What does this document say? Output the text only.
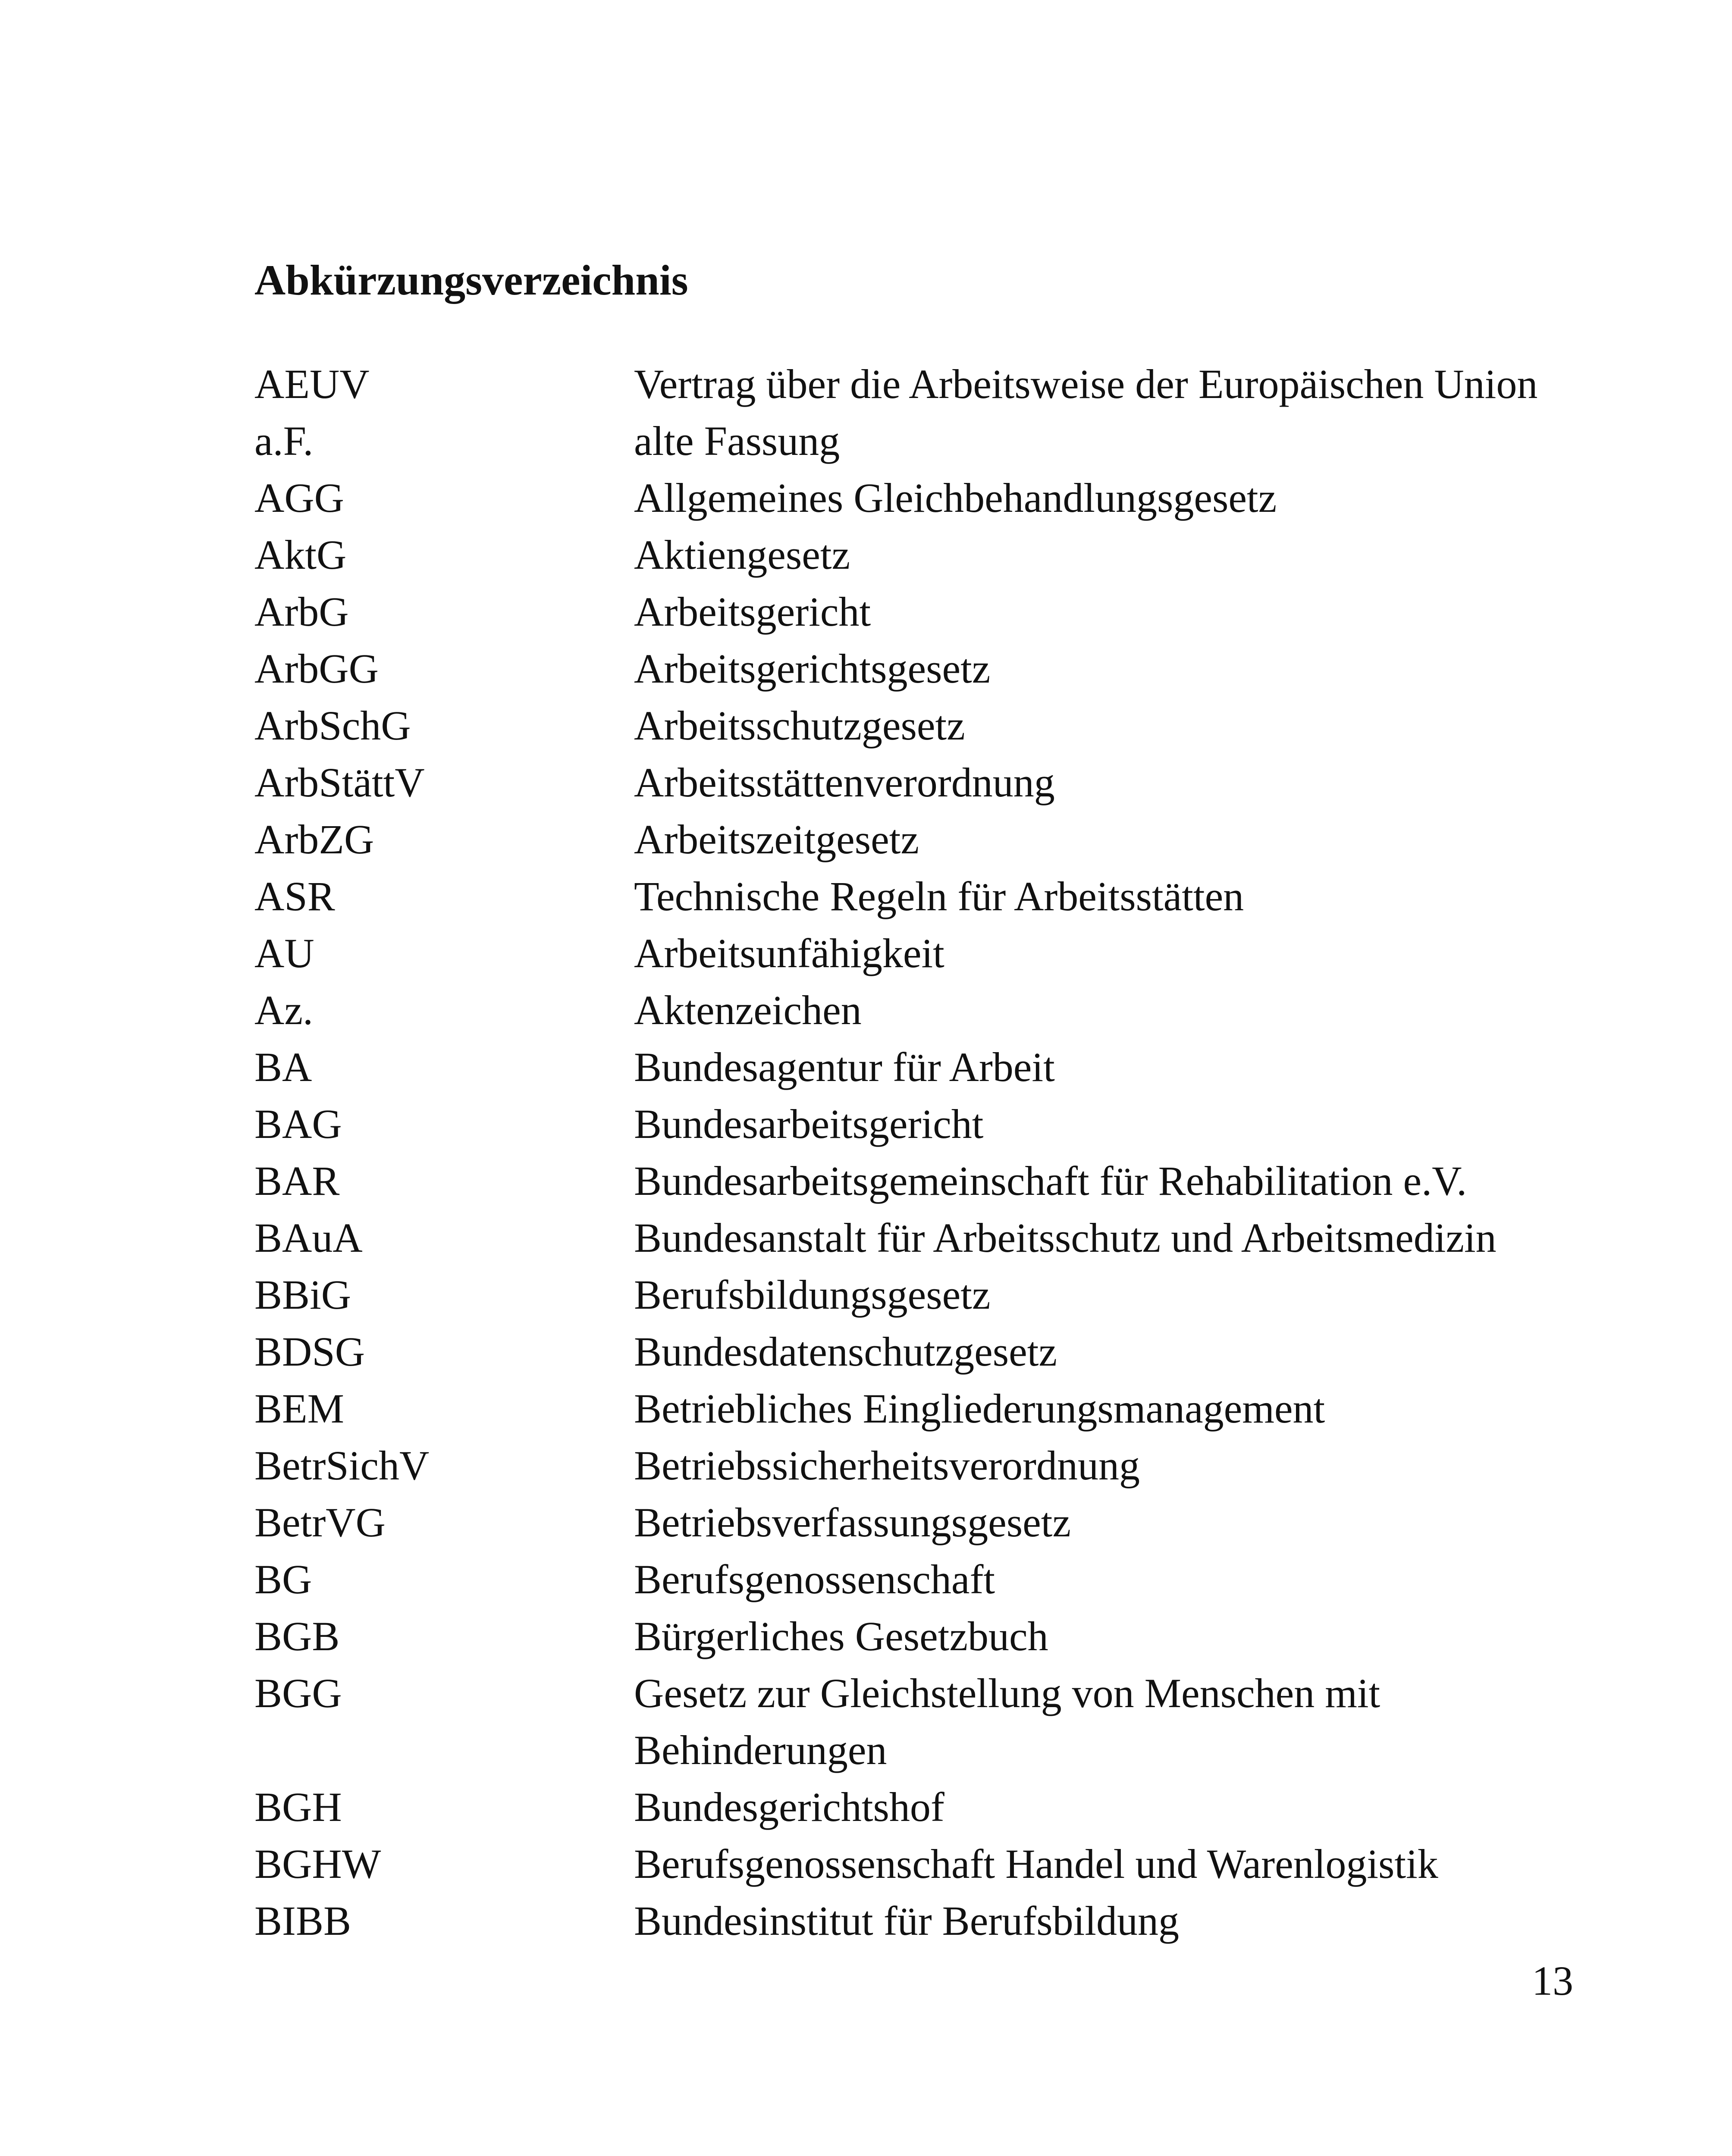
Abkürzungsverzeichnis
AEUV	Vertrag über die Arbeitsweise der Europäischen Union
a.F.	alte Fassung
AGG	Allgemeines Gleichbehandlungsgesetz
AktG	Aktiengesetz
ArbG	Arbeitsgericht
ArbGG	Arbeitsgerichtsgesetz
ArbSchG	Arbeitsschutzgesetz
ArbStättV	Arbeitsstättenverordnung
ArbZG	Arbeitszeitgesetz
ASR	Technische Regeln für Arbeitsstätten
AU	Arbeitsunfähigkeit
Az.	Aktenzeichen
BA	Bundesagentur für Arbeit
BAG	Bundesarbeitsgericht
BAR	Bundesarbeitsgemeinschaft für Rehabilitation e.V.
BAuA	Bundesanstalt für Arbeitsschutz und Arbeitsmedizin
BBiG	Berufsbildungsgesetz
BDSG	Bundesdatenschutzgesetz
BEM	Betriebliches Eingliederungsmanagement
BetrSichV	Betriebssicherheitsverordnung
BetrVG	Betriebsverfassungsgesetz
BG	Berufsgenossenschaft
BGB	Bürgerliches Gesetzbuch
BGG	Gesetz zur Gleichstellung von Menschen mit Behinderungen
BGH	Bundesgerichtshof
BGHW	Berufsgenossenschaft Handel und Warenlogistik
BIBB	Bundesinstitut für Berufsbildung
13
